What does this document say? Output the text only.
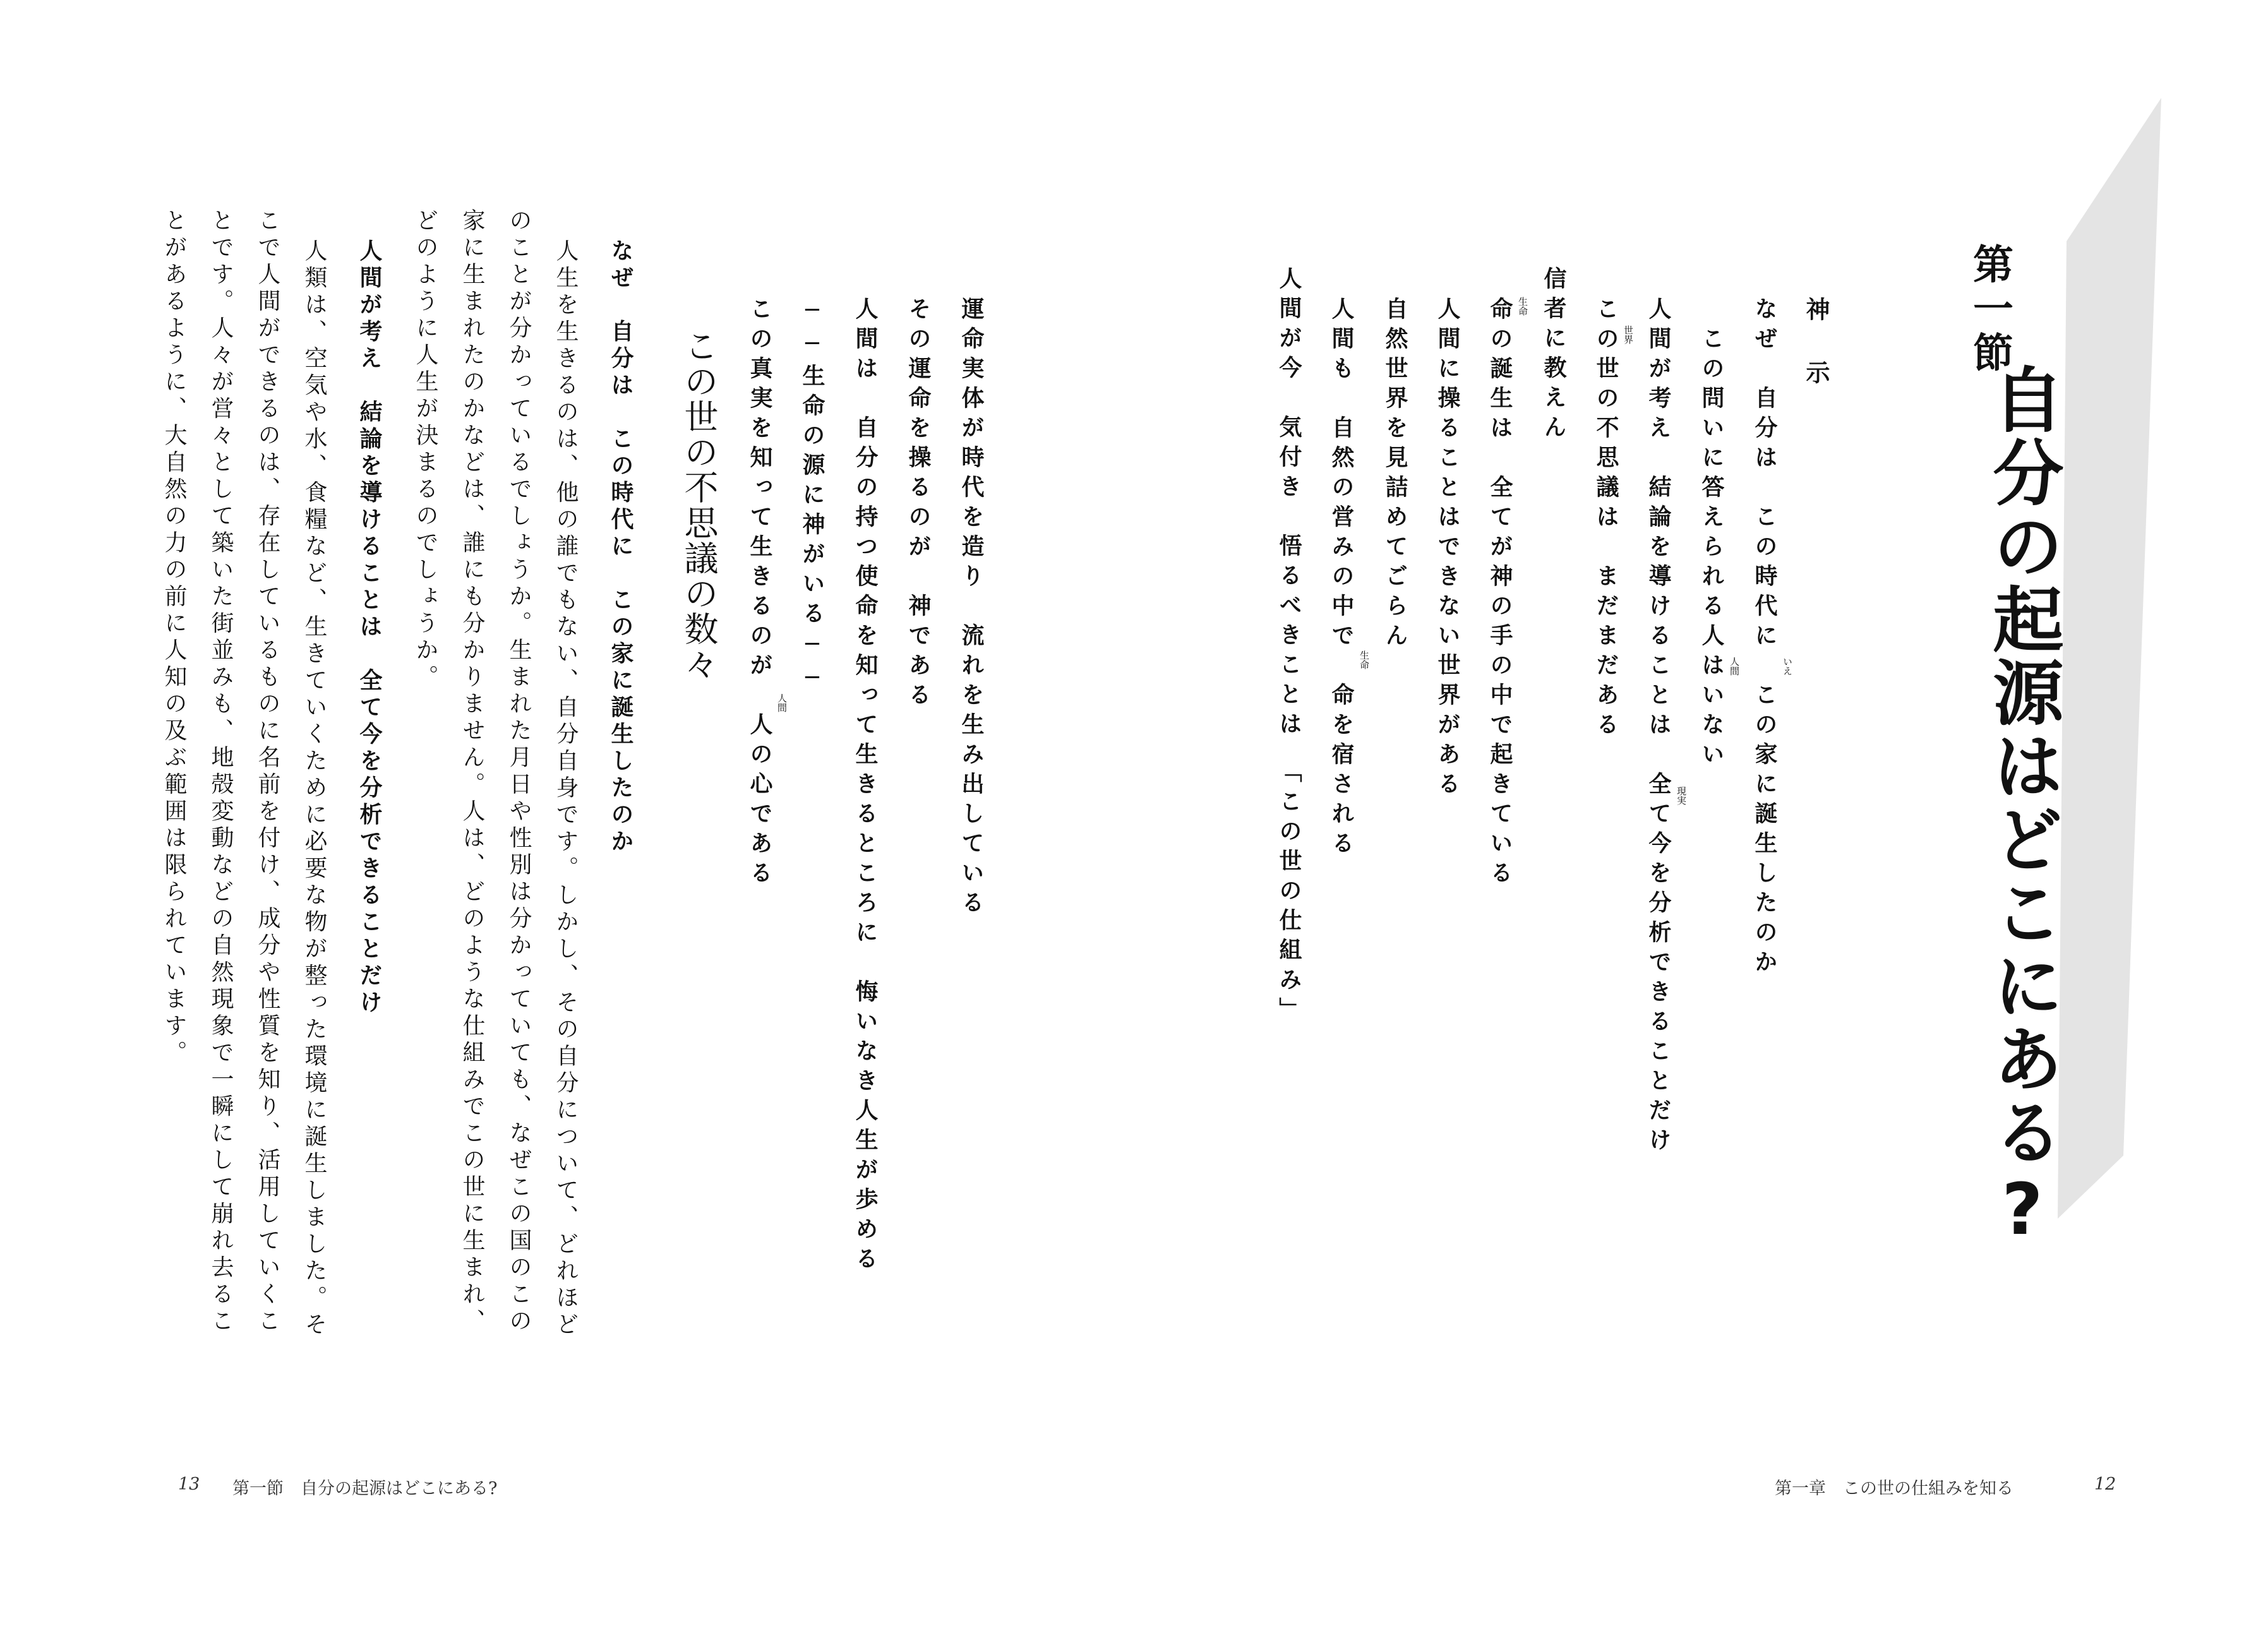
第一節
自分の起源はどこにある?
神示
なぜ　自分は　この時代に　この家に誕生したのか
　この問いに答えられる人はいない
人間が考え　結論を導けることは　全て今を分析できることだけ
この世の不思議は　まだまだある
信者に教えん
命の誕生は　全てが神の手の中で起きている
人間に操ることはできない世界がある
自然世界を見詰めてごらん
人間も　自然の営みの中で　命を宿される
人間が今　気付き　悟るべきことは　「この世の仕組み」	いえ
人間
世界
現実
生命
生命
第一章　この世の仕組みを知る	12
運命実体が時代を造り　流れを生み出している
その運命を操るのが　神である
人間は　自分の持つ使命を知って生きるところに　悔いなき人生が歩める
──生命の源に神がいる──
この真実を知って生きるのが　人の心である 人間
この世の不思議の数々
なぜ　自分は　この時代に　この家に誕生したのか
人生を生きるのは、他の誰でもない、自分自身です。しかし、その自分について、どれほど
のことが分かっているでしょうか。生まれた月日や性別は分かっていても、なぜこの国のこの
家に生まれたのかなどは、誰にも分かりません。人は、どのような仕組みでこの世に生まれ、
どのように人生が決まるのでしょうか。
人間が考え　結論を導けることは　全て今を分析できることだけ
人類は、空気や水、食糧など、生きていくために必要な物が整った環境に誕生しました。そ
こで人間ができるのは、存在しているものに名前を付け、成分や性質を知り、活用していくこ
とです。人々が営々として築いた街並みも、地殻変動などの自然現象で一瞬にして崩れ去るこ
とがあるように、大自然の力の前に人知の及ぶ範囲は限られています。
13 第一節　自分の起源はどこにある?
